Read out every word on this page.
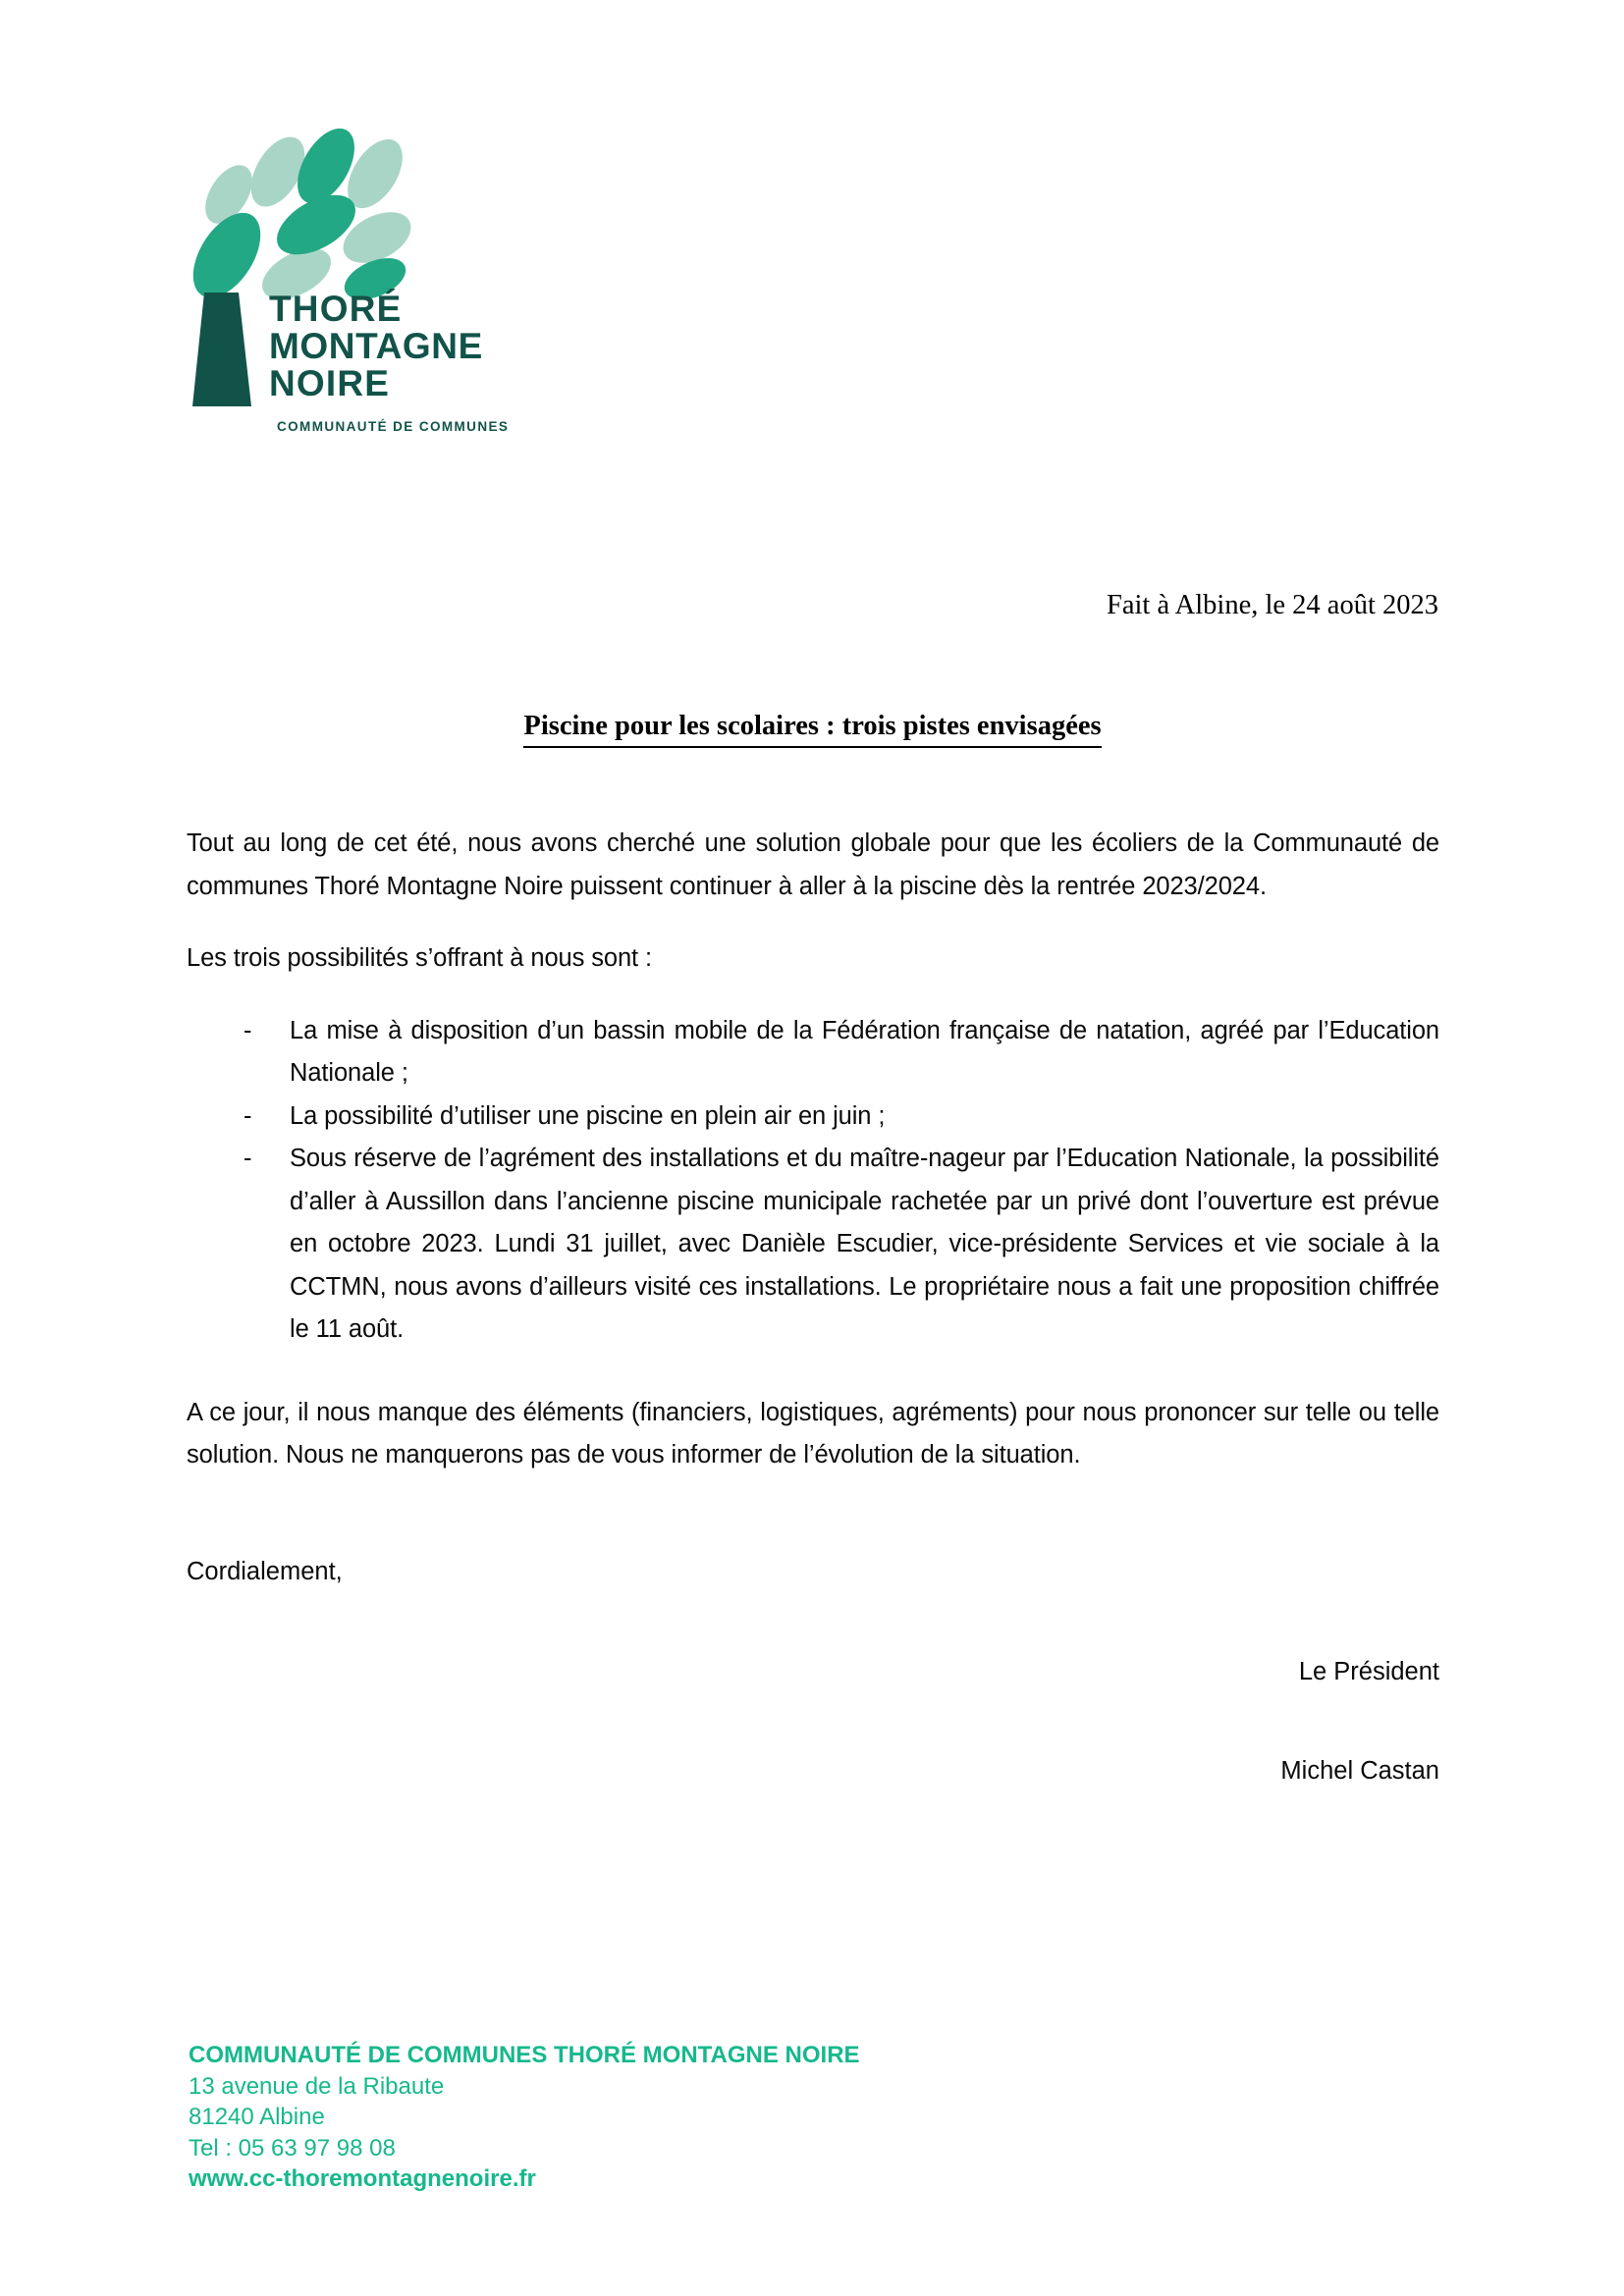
THORÉ
MONTAGNE
NOIRE
COMMUNAUTÉ DE COMMUNES
Fait à Albine, le 24 août 2023
Piscine pour les scolaires : trois pistes envisagées

Tout au long de cet été, nous avons cherché une solution globale pour que les écoliers de la Communauté de communes Thoré Montagne Noire puissent continuer à aller à la piscine dès la rentrée 2023/2024.

Les trois possibilités s’offrant à nous sont :

- La mise à disposition d’un bassin mobile de la Fédération française de natation, agréé par l’Education Nationale ;
- La possibilité d’utiliser une piscine en plein air en juin ;
- Sous réserve de l’agrément des installations et du maître-nageur par l’Education Nationale, la possibilité d’aller à Aussillon dans l’ancienne piscine municipale rachetée par un privé dont l’ouverture est prévue en octobre 2023. Lundi 31 juillet, avec Danièle Escudier, vice-présidente Services et vie sociale à la CCTMN, nous avons d’ailleurs visité ces installations. Le propriétaire nous a fait une proposition chiffrée le 11 août.

A ce jour, il nous manque des éléments (financiers, logistiques, agréments) pour nous prononcer sur telle ou telle solution. Nous ne manquerons pas de vous informer de l’évolution de la situation.

Cordialement,
Le Président
Michel Castan
COMMUNAUTÉ DE COMMUNES THORÉ MONTAGNE NOIRE
13 avenue de la Ribaute
81240 Albine
Tel : 05 63 97 98 08
www.cc-thoremontagnenoire.fr
